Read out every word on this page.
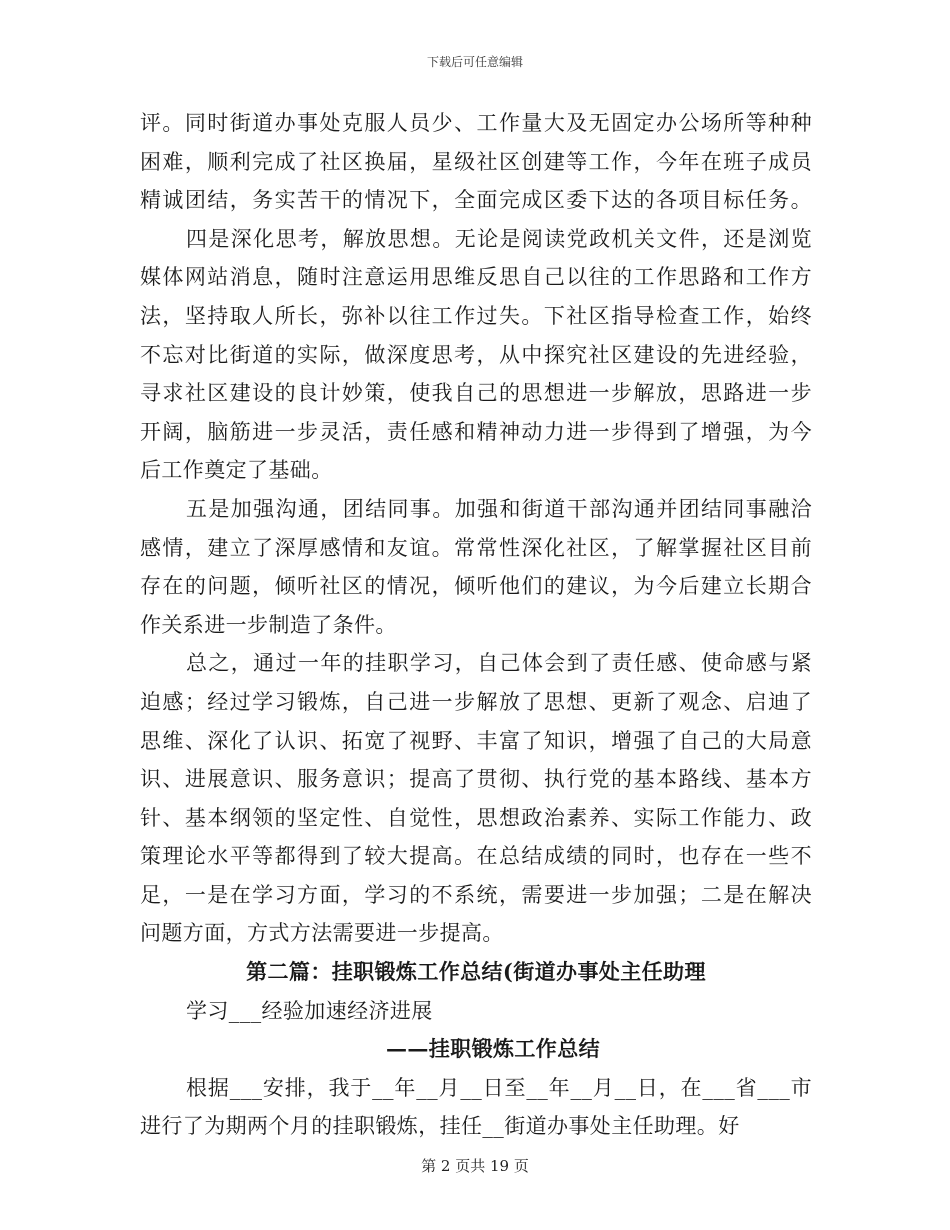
下载后可任意编辑
评。同时街道办事处克服人员少、工作量大及无固定办公场所等种种
困难，顺利完成了社区换届，星级社区创建等工作，今年在班子成员
精诚团结，务实苦干的情况下，全面完成区委下达的各项目标任务。
四是深化思考，解放思想。无论是阅读党政机关文件，还是浏览
媒体网站消息，随时注意运用思维反思自己以往的工作思路和工作方
法，坚持取人所长，弥补以往工作过失。下社区指导检查工作，始终
不忘对比街道的实际，做深度思考，从中探究社区建设的先进经验，
寻求社区建设的良计妙策，使我自己的思想进一步解放，思路进一步
开阔，脑筋进一步灵活，责任感和精神动力进一步得到了增强，为今
后工作奠定了基础。
五是加强沟通，团结同事。加强和街道干部沟通并团结同事融洽
感情，建立了深厚感情和友谊。常常性深化社区，了解掌握社区目前
存在的问题，倾听社区的情况，倾听他们的建议，为今后建立长期合
作关系进一步制造了条件。
总之，通过一年的挂职学习，自己体会到了责任感、使命感与紧
迫感；经过学习锻炼，自己进一步解放了思想、更新了观念、启迪了
思维、深化了认识、拓宽了视野、丰富了知识，增强了自己的大局意
识、进展意识、服务意识；提高了贯彻、执行党的基本路线、基本方
针、基本纲领的坚定性、自觉性，思想政治素养、实际工作能力、政
策理论水平等都得到了较大提高。在总结成绩的同时，也存在一些不
足，一是在学习方面，学习的不系统，需要进一步加强；二是在解决
问题方面，方式方法需要进一步提高。
第二篇：挂职锻炼工作总结(街道办事处主任助理
学习___经验加速经济进展
——挂职锻炼工作总结
根据___安排，我于__年__月__日至__年__月__日，在___省___市
进行了为期两个月的挂职锻炼，挂任__街道办事处主任助理。好
第 2 页共 19 页
